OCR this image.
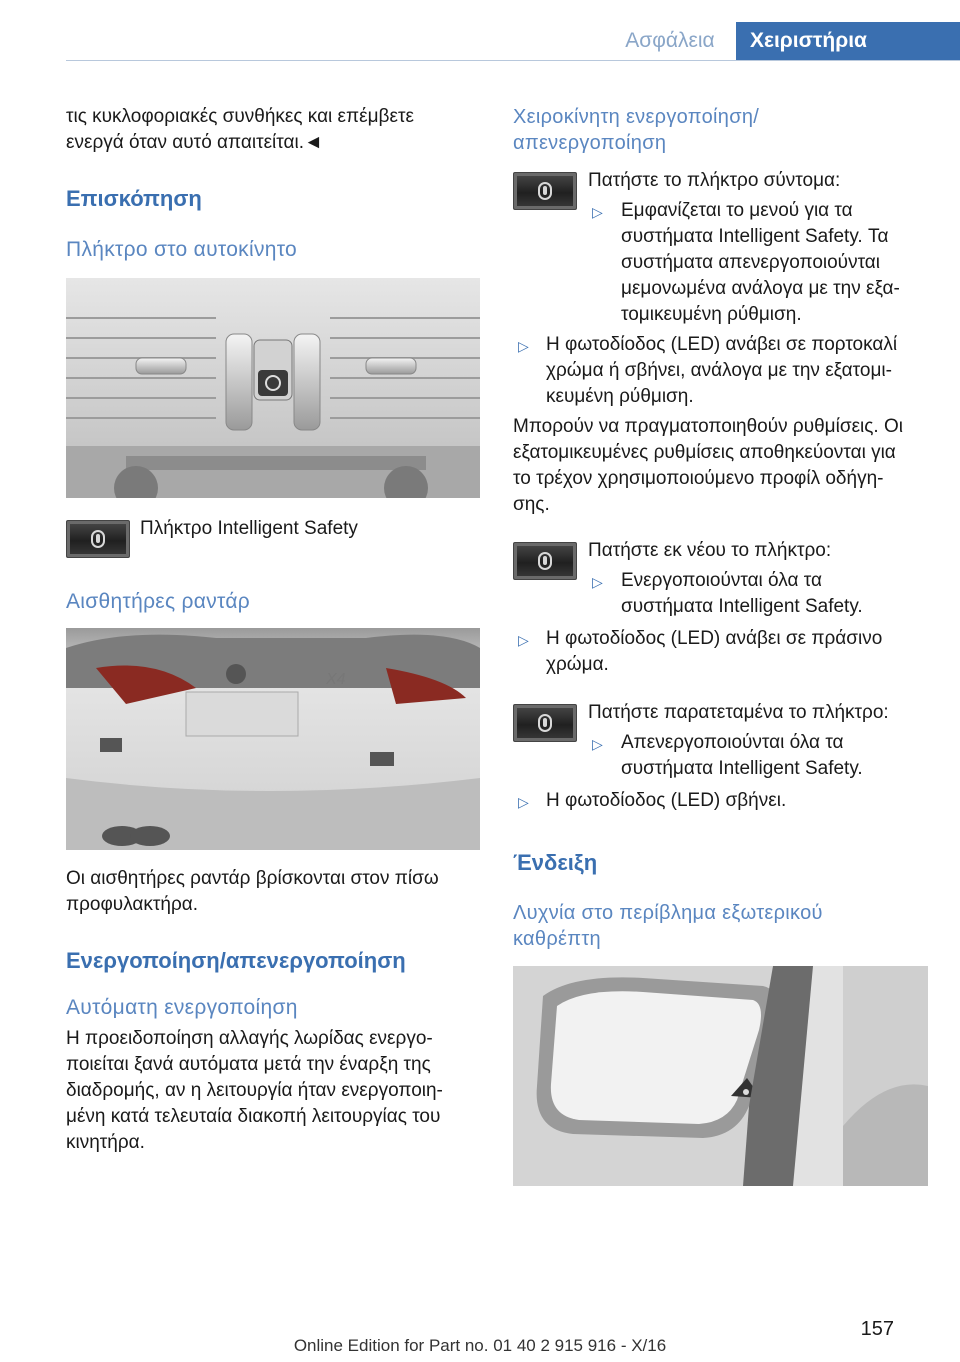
Ασφάλεια	Χειριστήρια
τις κυκλοφοριακές συνθήκες και επέμβετε
ενεργά όταν αυτό απαιτείται.◄
Επισκόπηση
Πλήκτρο στο αυτοκίνητο
Πλήκτρο Intelligent Safety
Αισθητήρες ραντάρ
X4
Οι αισθητήρες ραντάρ βρίσκονται στον πίσω
προφυλακτήρα.
Ενεργοποίηση/απενεργοποίηση
Αυτόματη ενεργοποίηση
Η προειδοποίηση αλλαγής λωρίδας ενεργο-
ποιείται ξανά αυτόματα μετά την έναρξη της
διαδρομής, αν η λειτουργία ήταν ενεργοποιη-
μένη κατά τελευταία διακοπή λειτουργίας του
κινητήρα.
Χειροκίνητη ενεργοποίηση/
απενεργοποίηση
Πατήστε το πλήκτρο σύντομα:
▷ Εμφανίζεται το μενού για τα
συστήματα Intelligent Safety. Τα
συστήματα απενεργοποιούνται
μεμονωμένα ανάλογα με την εξα-
τομικευμένη ρύθμιση.
▷ Η φωτοδίοδος (LED) ανάβει σε πορτοκαλί
χρώμα ή σβήνει, ανάλογα με την εξατομι-
κευμένη ρύθμιση.
Μπορούν να πραγματοποιηθούν ρυθμίσεις. Οι
εξατομικευμένες ρυθμίσεις αποθηκεύονται για
το τρέχον χρησιμοποιούμενο προφίλ οδήγη-
σης.
Πατήστε εκ νέου το πλήκτρο:
▷ Ενεργοποιούνται όλα τα
συστήματα Intelligent Safety.
▷ Η φωτοδίοδος (LED) ανάβει σε πράσινο
χρώμα.
Πατήστε παρατεταμένα το πλήκτρο:
▷ Απενεργοποιούνται όλα τα
συστήματα Intelligent Safety.
▷ Η φωτοδίοδος (LED) σβήνει.
Ένδειξη
Λυχνία στο περίβλημα εξωτερικού
καθρέπτη
157
Online Edition for Part no. 01 40 2 915 916 - X/16
